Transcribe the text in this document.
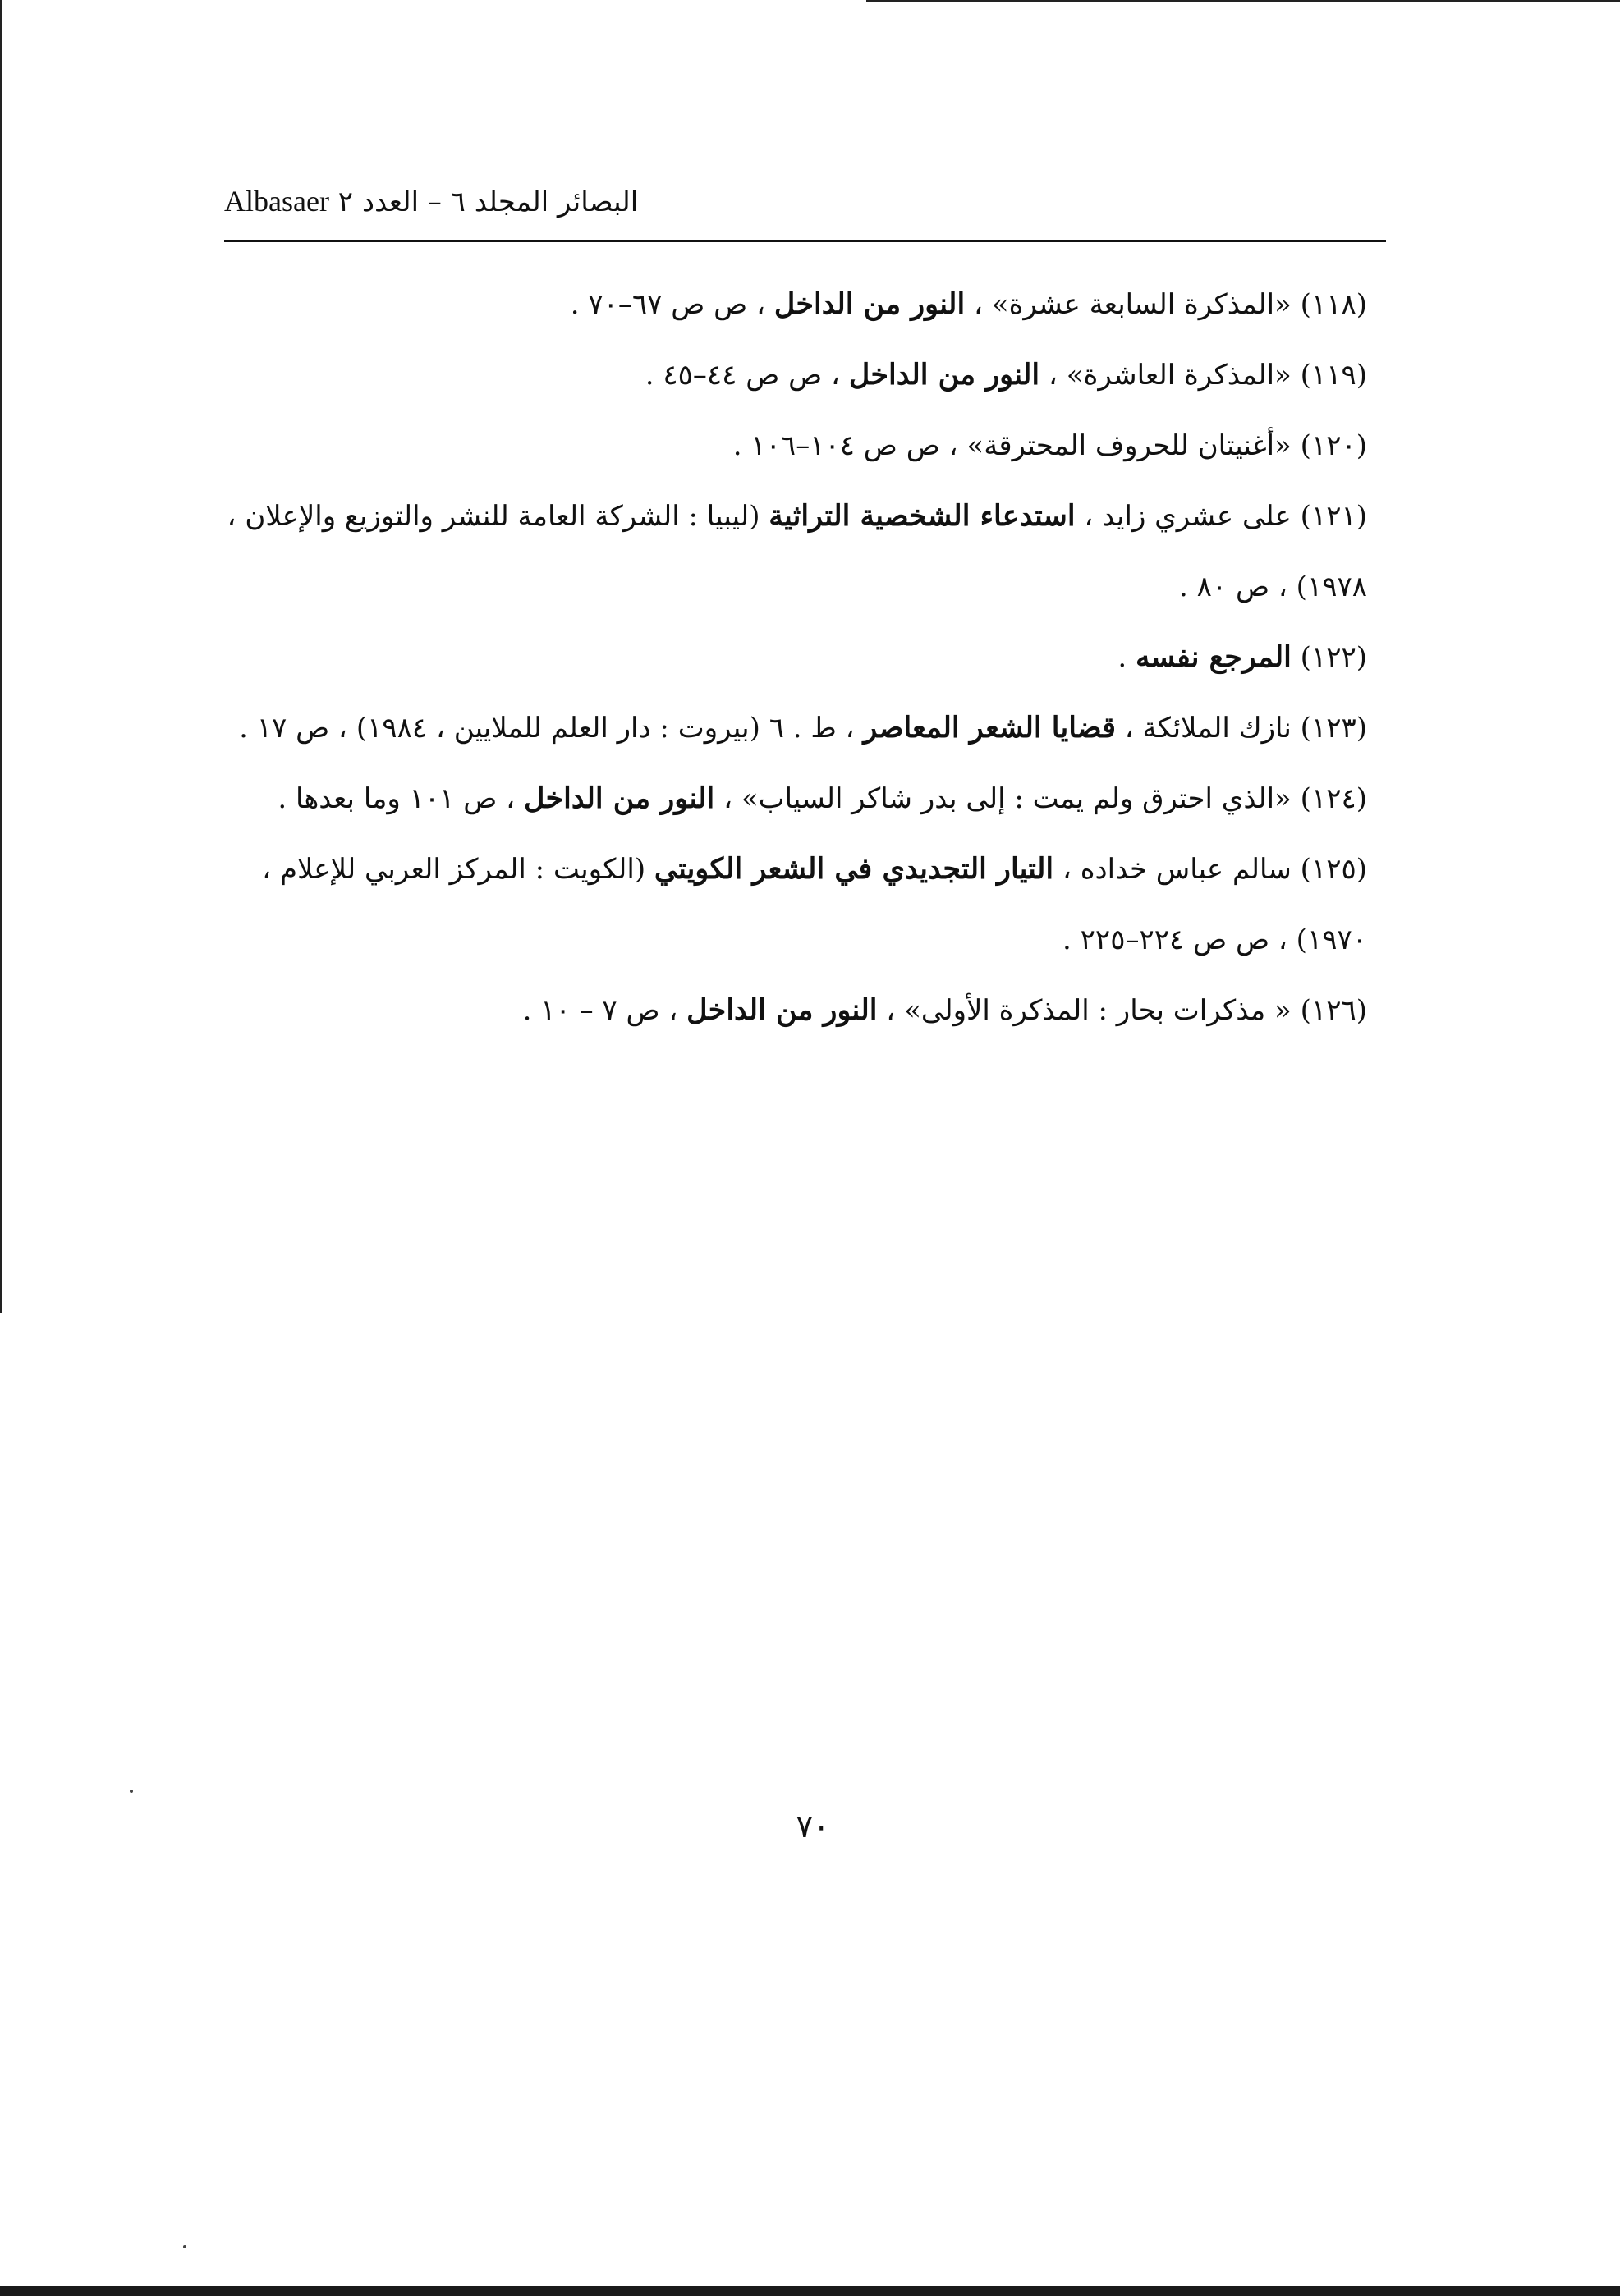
Albasaer البصائر المجلد ٦ – العدد ٢

(١١٨) «المذكرة السابعة عشرة» ، النور من الداخل ، ص ص ٦٧–٧٠ .

(١١٩) «المذكرة العاشرة» ، النور من الداخل ، ص ص ٤٤–٤٥ .

(١٢٠) «أغنيتان للحروف المحترقة» ، ص ص ١٠٤–١٠٦ .

(١٢١) على عشري زايد ، استدعاء الشخصية التراثية (ليبيا : الشركة العامة للنشر والتوزيع والإعلان ، ١٩٧٨) ، ص ٨٠ .

(١٢٢) المرجع نفسه .

(١٢٣) نازك الملائكة ، قضايا الشعر المعاصر ، ط . ٦ (بيروت : دار العلم للملايين ، ١٩٨٤) ، ص ١٧ .

(١٢٤) «الذي احترق ولم يمت : إلى بدر شاكر السياب» ، النور من الداخل ، ص ١٠١ وما بعدها .

(١٢٥) سالم عباس خداده ، التيار التجديدي في الشعر الكويتي (الكويت : المركز العربي للإعلام ، ١٩٧٠) ، ص ص ٢٢٤–٢٢٥ .

(١٢٦) « مذكرات بحار : المذكرة الأولى» ، النور من الداخل ، ص ٧ – ١٠ .

٧٠
